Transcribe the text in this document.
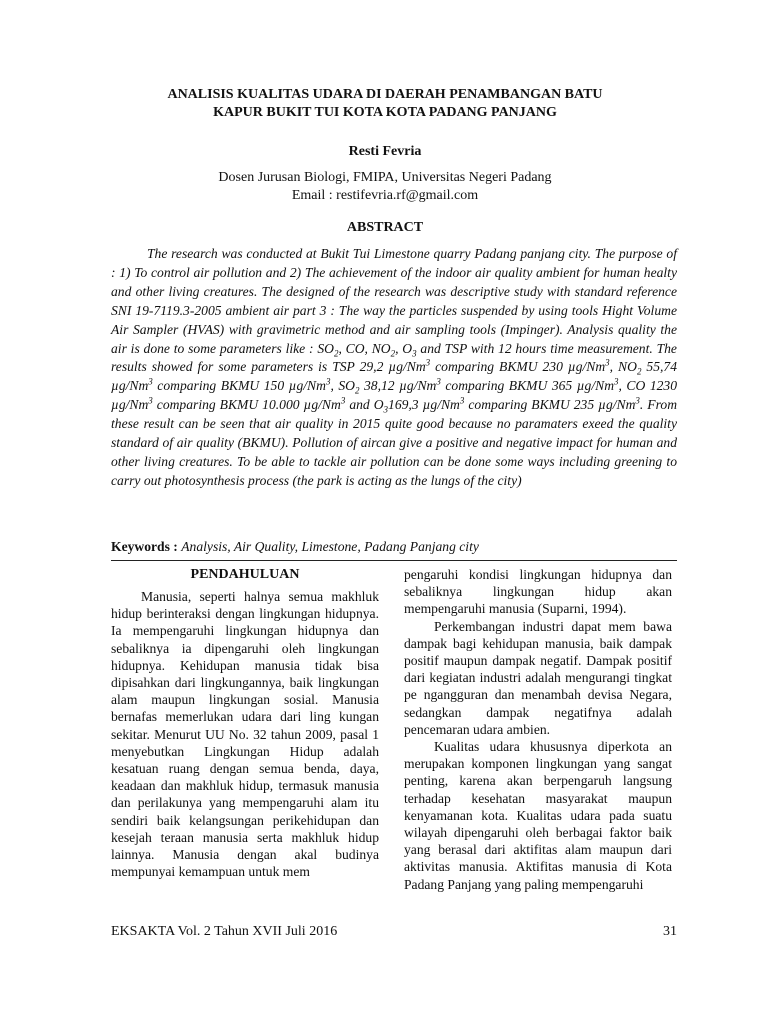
ANALISIS KUALITAS UDARA DI DAERAH PENAMBANGAN BATU
KAPUR BUKIT TUI KOTA KOTA PADANG PANJANG
Resti Fevria
Dosen Jurusan Biologi, FMIPA, Universitas Negeri Padang
Email : restifevria.rf@gmail.com
ABSTRACT
The research was conducted at Bukit Tui Limestone quarry Padang panjang city. The purpose of : 1) To control air pollution and 2) The achievement of the indoor air quality ambient for human healty and other living creatures. The designed of the research was descriptive study with standard reference SNI 19-7119.3-2005 ambient air part 3 : The way the particles suspended by using tools Hight Volume Air Sampler (HVAS) with gravimetric method and air sampling tools (Impinger). Analysis quality the air is done to some parameters like : $SO_2$, CO, $NO_2$, $O_3$ and TSP with 12 hours time measurement. The results showed for some parameters is TSP 29,2 µg/Nm$^3$ comparing BKMU 230 µg/Nm$^3$, $NO_2$ 55,74 µg/Nm$^3$ comparing BKMU 150 µg/Nm$^3$, $SO_2$ 38,12 µg/Nm$^3$ comparing BKMU 365 µg/Nm$^3$, CO 1230 µg/Nm$^3$ comparing BKMU 10.000 µg/Nm$^3$ and $O_3169,3$ µg/Nm$^3$ comparing BKMU 235 µg/Nm$^3$. From these result can be seen that air quality in 2015 quite good because no paramaters exeed the quality standard of air quality (BKMU). Pollution of aircan give a positive and negative impact for human and other living creatures. To be able to tackle air pollution can be done some ways including greening to carry out photosynthesis process (the park is acting as the lungs of the city)
Keywords : Analysis, Air Quality, Limestone, Padang Panjang city
PENDAHULUAN

Manusia, seperti halnya semua makhluk hidup berinteraksi dengan lingkungan hidupnya. Ia mempengaruhi lingkungan hidupnya dan sebaliknya ia dipengaruhi oleh lingkungan hidupnya. Kehidupan manusia tidak bisa dipisahkan dari lingkungannya, baik lingkungan alam maupun lingkungan sosial. Manusia bernafas memerlukan udara dari ling kungan sekitar. Menurut UU No. 32 tahun 2009, pasal 1 menyebutkan Lingkungan Hidup adalah kesatuan ruang dengan semua benda, daya, keadaan dan makhluk hidup, termasuk manusia dan perilakunya yang mempengaruhi alam itu sendiri baik kelangsungan perikehidupan dan kesejah teraan manusia serta makhluk hidup lainnya. Manusia dengan akal budinya mempunyai kemampuan untuk mem

pengaruhi kondisi lingkungan hidupnya dan sebaliknya lingkungan hidup akan mempengaruhi manusia (Suparni, 1994).

Perkembangan industri dapat mem bawa dampak bagi kehidupan manusia, baik dampak positif maupun dampak negatif. Dampak positif dari kegiatan industri adalah mengurangi tingkat pe ngangguran dan menambah devisa Negara, sedangkan dampak negatifnya adalah pencemaran udara ambien.

Kualitas udara khususnya diperkota an merupakan komponen lingkungan yang sangat penting, karena akan berpengaruh langsung terhadap kesehatan masyarakat maupun kenyamanan kota. Kualitas udara pada suatu wilayah dipengaruhi oleh berbagai faktor baik yang berasal dari aktifitas alam maupun dari aktivitas manusia. Aktifitas manusia di Kota Padang Panjang yang paling mempengaruhi

EKSAKTA Vol. 2 Tahun XVII Juli 2016	31
